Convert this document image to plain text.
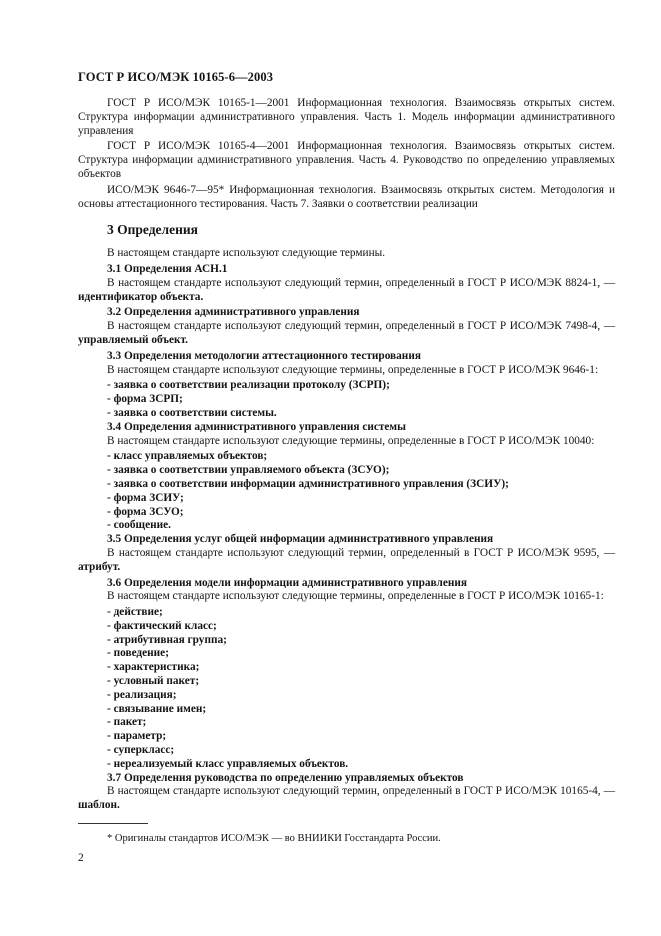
ГОСТ Р ИСО/МЭК 10165-6—2003

ГОСТ Р ИСО/МЭК 10165-1—2001 Информационная технология. Взаимосвязь открытых систем. Структура информации административного управления. Часть 1. Модель информации административного управления

ГОСТ Р ИСО/МЭК 10165-4—2001 Информационная технология. Взаимосвязь открытых систем. Структура информации административного управления. Часть 4. Руководство по определению управляемых объектов

ИСО/МЭК 9646-7—95* Информационная технология. Взаимосвязь открытых систем. Методология и основы аттестационного тестирования. Часть 7. Заявки о соответствии реализации

3 Определения

В настоящем стандарте используют следующие термины.

3.1 Определения АСН.1

В настоящем стандарте используют следующий термин, определенный в ГОСТ Р ИСО/МЭК 8824-1, — идентификатор объекта.

3.2 Определения административного управления

В настоящем стандарте используют следующий термин, определенный в ГОСТ Р ИСО/МЭК 7498-4, — управляемый объект.

3.3 Определения методологии аттестационного тестирования

В настоящем стандарте используют следующие термины, определенные в ГОСТ Р ИСО/МЭК 9646-1:

- заявка о соответствии реализации протоколу (ЗСРП);
- форма ЗСРП;
- заявка о соответствии системы.
3.4 Определения административного управления системы

В настоящем стандарте используют следующие термины, определенные в ГОСТ Р ИСО/МЭК 10040:

- класс управляемых объектов;
- заявка о соответствии управляемого объекта (ЗСУО);
- заявка о соответствии информации административного управления (ЗСИУ);
- форма ЗСИУ;
- форма ЗСУО;
- сообщение.
3.5 Определения услуг общей информации административного управления

В настоящем стандарте используют следующий термин, определенный в ГОСТ Р ИСО/МЭК 9595, — атрибут.

3.6 Определения модели информации административного управления

В настоящем стандарте используют следующие термины, определенные в ГОСТ Р ИСО/МЭК 10165-1:

- действие;
- фактический класс;
- атрибутивная группа;
- поведение;
- характеристика;
- условный пакет;
- реализация;
- связывание имен;
- пакет;
- параметр;
- суперкласс;
- нереализуемый класс управляемых объектов.
3.7 Определения руководства по определению управляемых объектов

В настоящем стандарте используют следующий термин, определенный в ГОСТ Р ИСО/МЭК 10165-4, — шаблон.

* Оригиналы стандартов ИСО/МЭК — во ВНИИКИ Госстандарта России.
2
